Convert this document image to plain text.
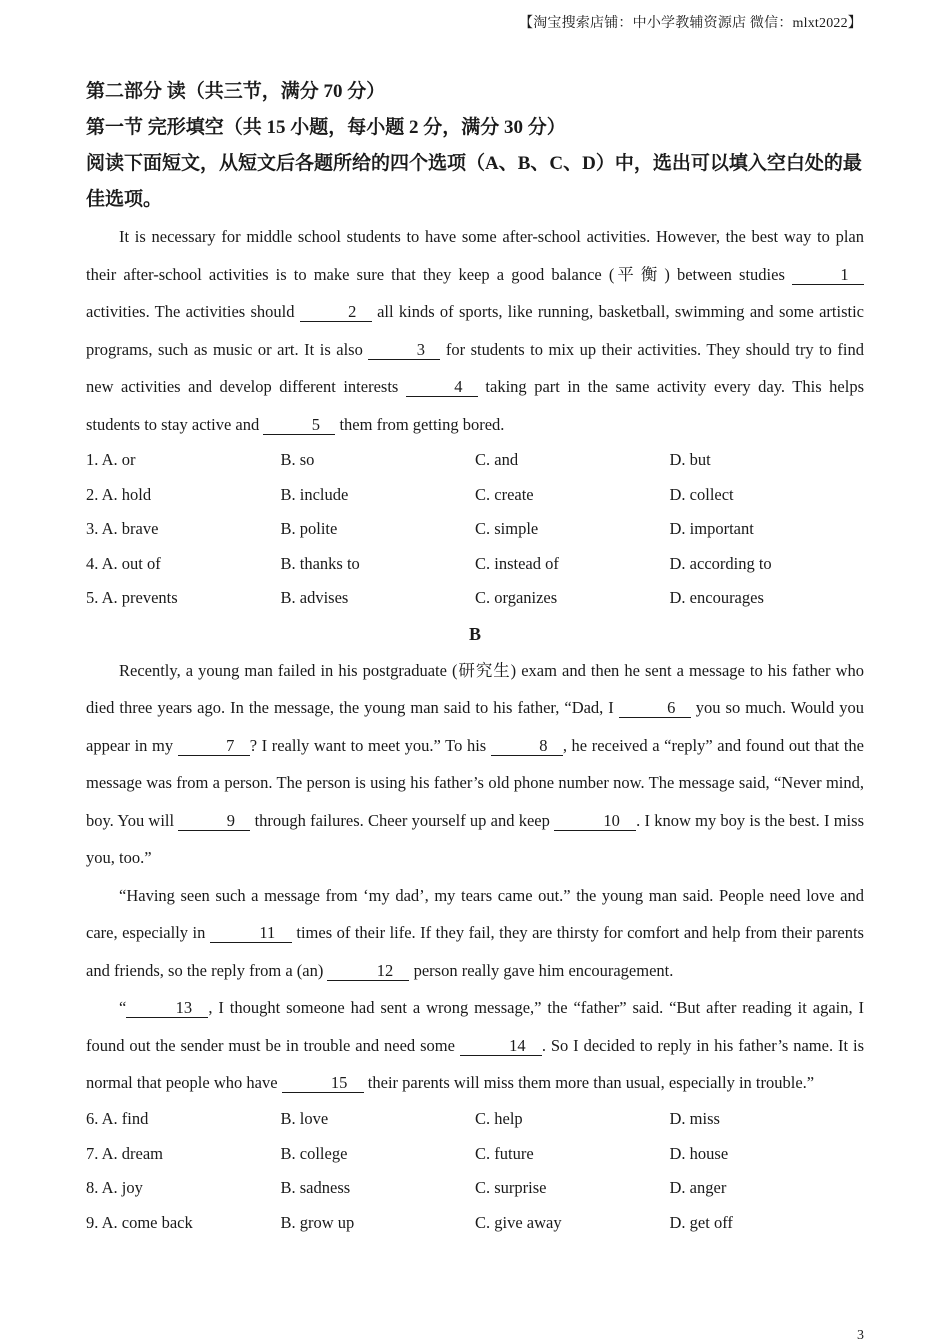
【淘宝搜索店铺：中小学教辅资源店 微信：mlxt2022】

第二部分 读（共三节，满分 70 分）

第一节 完形填空（共 15 小题，每小题 2 分，满分 30 分）

阅读下面短文，从短文后各题所给的四个选项（A、B、C、D）中，选出可以填入空白处的最佳选项。

It is necessary for middle school students to have some after-school activities. However, the best way to plan their after-school activities is to make sure that they keep a good balance (平衡) between studies	1 activities. The activities should	2 all kinds of sports, like running, basketball, swimming and some artistic programs, such as music or art. It is also	3 for students to mix up their activities. They should try to find new activities and develop different interests	4 taking part in the same activity every day. This helps students to stay active and	5 them from getting bored.

1. A. or	B. so	C. and	D. but
2. A. hold	B. include	C. create	D. collect
3. A. brave	B. polite	C. simple	D. important
4. A. out of	B. thanks to	C. instead of	D. according to
5. A. prevents	B. advises	C. organizes	D. encourages

B

Recently, a young man failed in his postgraduate (研究生) exam and then he sent a message to his father who died three years ago. In the message, the young man said to his father, “Dad, I	6 you so much. Would you appear in my	7 ? I really want to meet you.” To his	8 , he received a “reply” and found out that the message was from a person. The person is using his father’s old phone number now. The message said, “Never mind, boy. You will	9 through failures. Cheer yourself up and keep	10 . I know my boy is the best. I miss you, too.”

“Having seen such a message from ‘my dad’, my tears came out.” the young man said. People need love and care, especially in	11 times of their life. If they fail, they are thirsty for comfort and help from their parents and friends, so the reply from a (an)	12 person really gave him encouragement.

“	13 , I thought someone had sent a wrong message,” the “father” said. “But after reading it again, I found out the sender must be in trouble and need some	14 . So I decided to reply in his father’s name. It is normal that people who have	15 their parents will miss them more than usual, especially in trouble.”

6. A. find	B. love	C. help	D. miss
7. A. dream	B. college	C. future	D. house
8. A. joy	B. sadness	C. surprise	D. anger
9. A. come back	B. grow up	C. give away	D. get off
3
